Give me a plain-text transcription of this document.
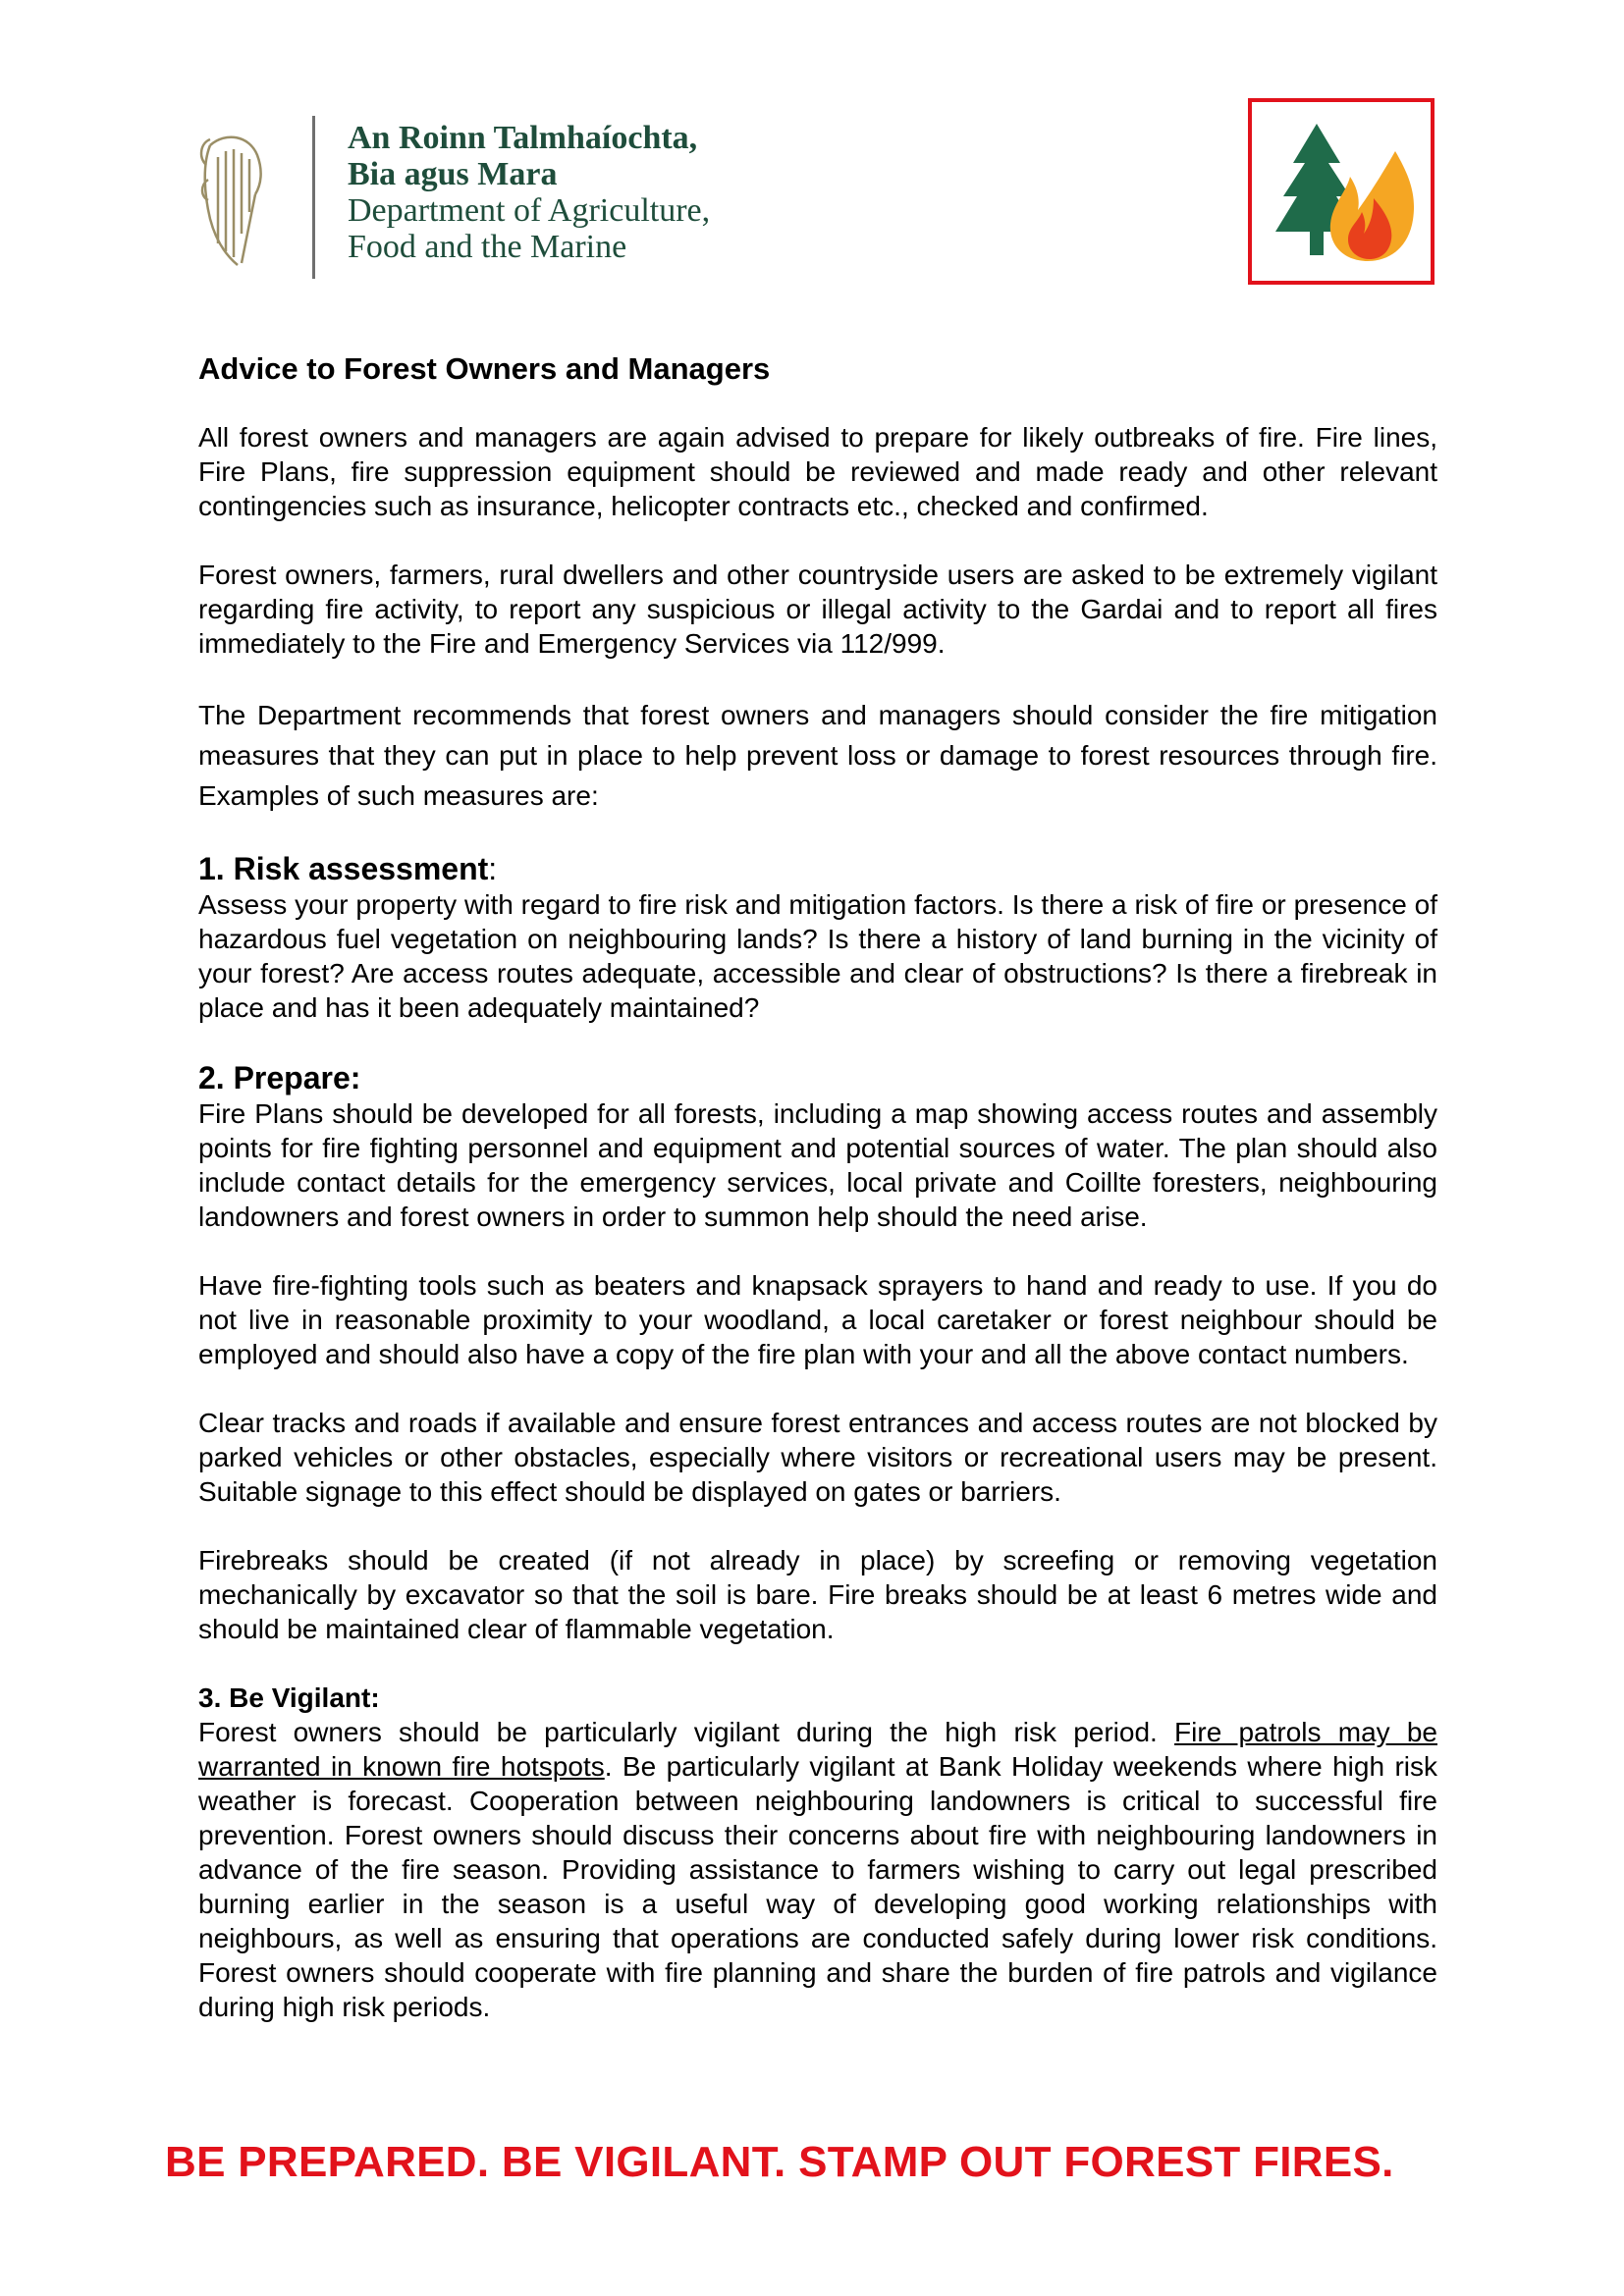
An Roinn Talmhaíochta,
Bia agus Mara
Department of Agriculture,
Food and the Marine
Advice to Forest Owners and Managers

All forest owners and managers are again advised to prepare for likely outbreaks of fire. Fire lines, Fire Plans, fire suppression equipment should be reviewed and made ready and other relevant contingencies such as insurance, helicopter contracts etc., checked and confirmed.

Forest owners, farmers, rural dwellers and other countryside users are asked to be extremely vigilant regarding fire activity, to report any suspicious or illegal activity to the Gardai and to report all fires immediately to the Fire and Emergency Services via 112/999.

The Department recommends that forest owners and managers should consider the fire mitigation measures that they can put in place to help prevent loss or damage to forest resources through fire. Examples of such measures are:

1. Risk assessment:

Assess your property with regard to fire risk and mitigation factors. Is there a risk of fire or presence of hazardous fuel vegetation on neighbouring lands? Is there a history of land burning in the vicinity of your forest? Are access routes adequate, accessible and clear of obstructions? Is there a firebreak in place and has it been adequately maintained?

2. Prepare:

Fire Plans should be developed for all forests, including a map showing access routes and assembly points for fire fighting personnel and equipment and potential sources of water. The plan should also include contact details for the emergency services, local private and Coillte foresters, neighbouring landowners and forest owners in order to summon help should the need arise.

Have fire-fighting tools such as beaters and knapsack sprayers to hand and ready to use. If you do not live in reasonable proximity to your woodland, a local caretaker or forest neighbour should be employed and should also have a copy of the fire plan with your and all the above contact numbers.

Clear tracks and roads if available and ensure forest entrances and access routes are not blocked by parked vehicles or other obstacles, especially where visitors or recreational users may be present. Suitable signage to this effect should be displayed on gates or barriers.

Firebreaks should be created (if not already in place) by screefing or removing vegetation mechanically by excavator so that the soil is bare. Fire breaks should be at least 6 metres wide and should be maintained clear of flammable vegetation.

3. Be Vigilant:

Forest owners should be particularly vigilant during the high risk period. Fire patrols may be warranted in known fire hotspots. Be particularly vigilant at Bank Holiday weekends where high risk weather is forecast. Cooperation between neighbouring landowners is critical to successful fire prevention. Forest owners should discuss their concerns about fire with neighbouring landowners in advance of the fire season. Providing assistance to farmers wishing to carry out legal prescribed burning earlier in the season is a useful way of developing good working relationships with neighbours, as well as ensuring that operations are conducted safely during lower risk conditions. Forest owners should cooperate with fire planning and share the burden of fire patrols and vigilance during high risk periods.

BE PREPARED. BE VIGILANT. STAMP OUT FOREST FIRES.
